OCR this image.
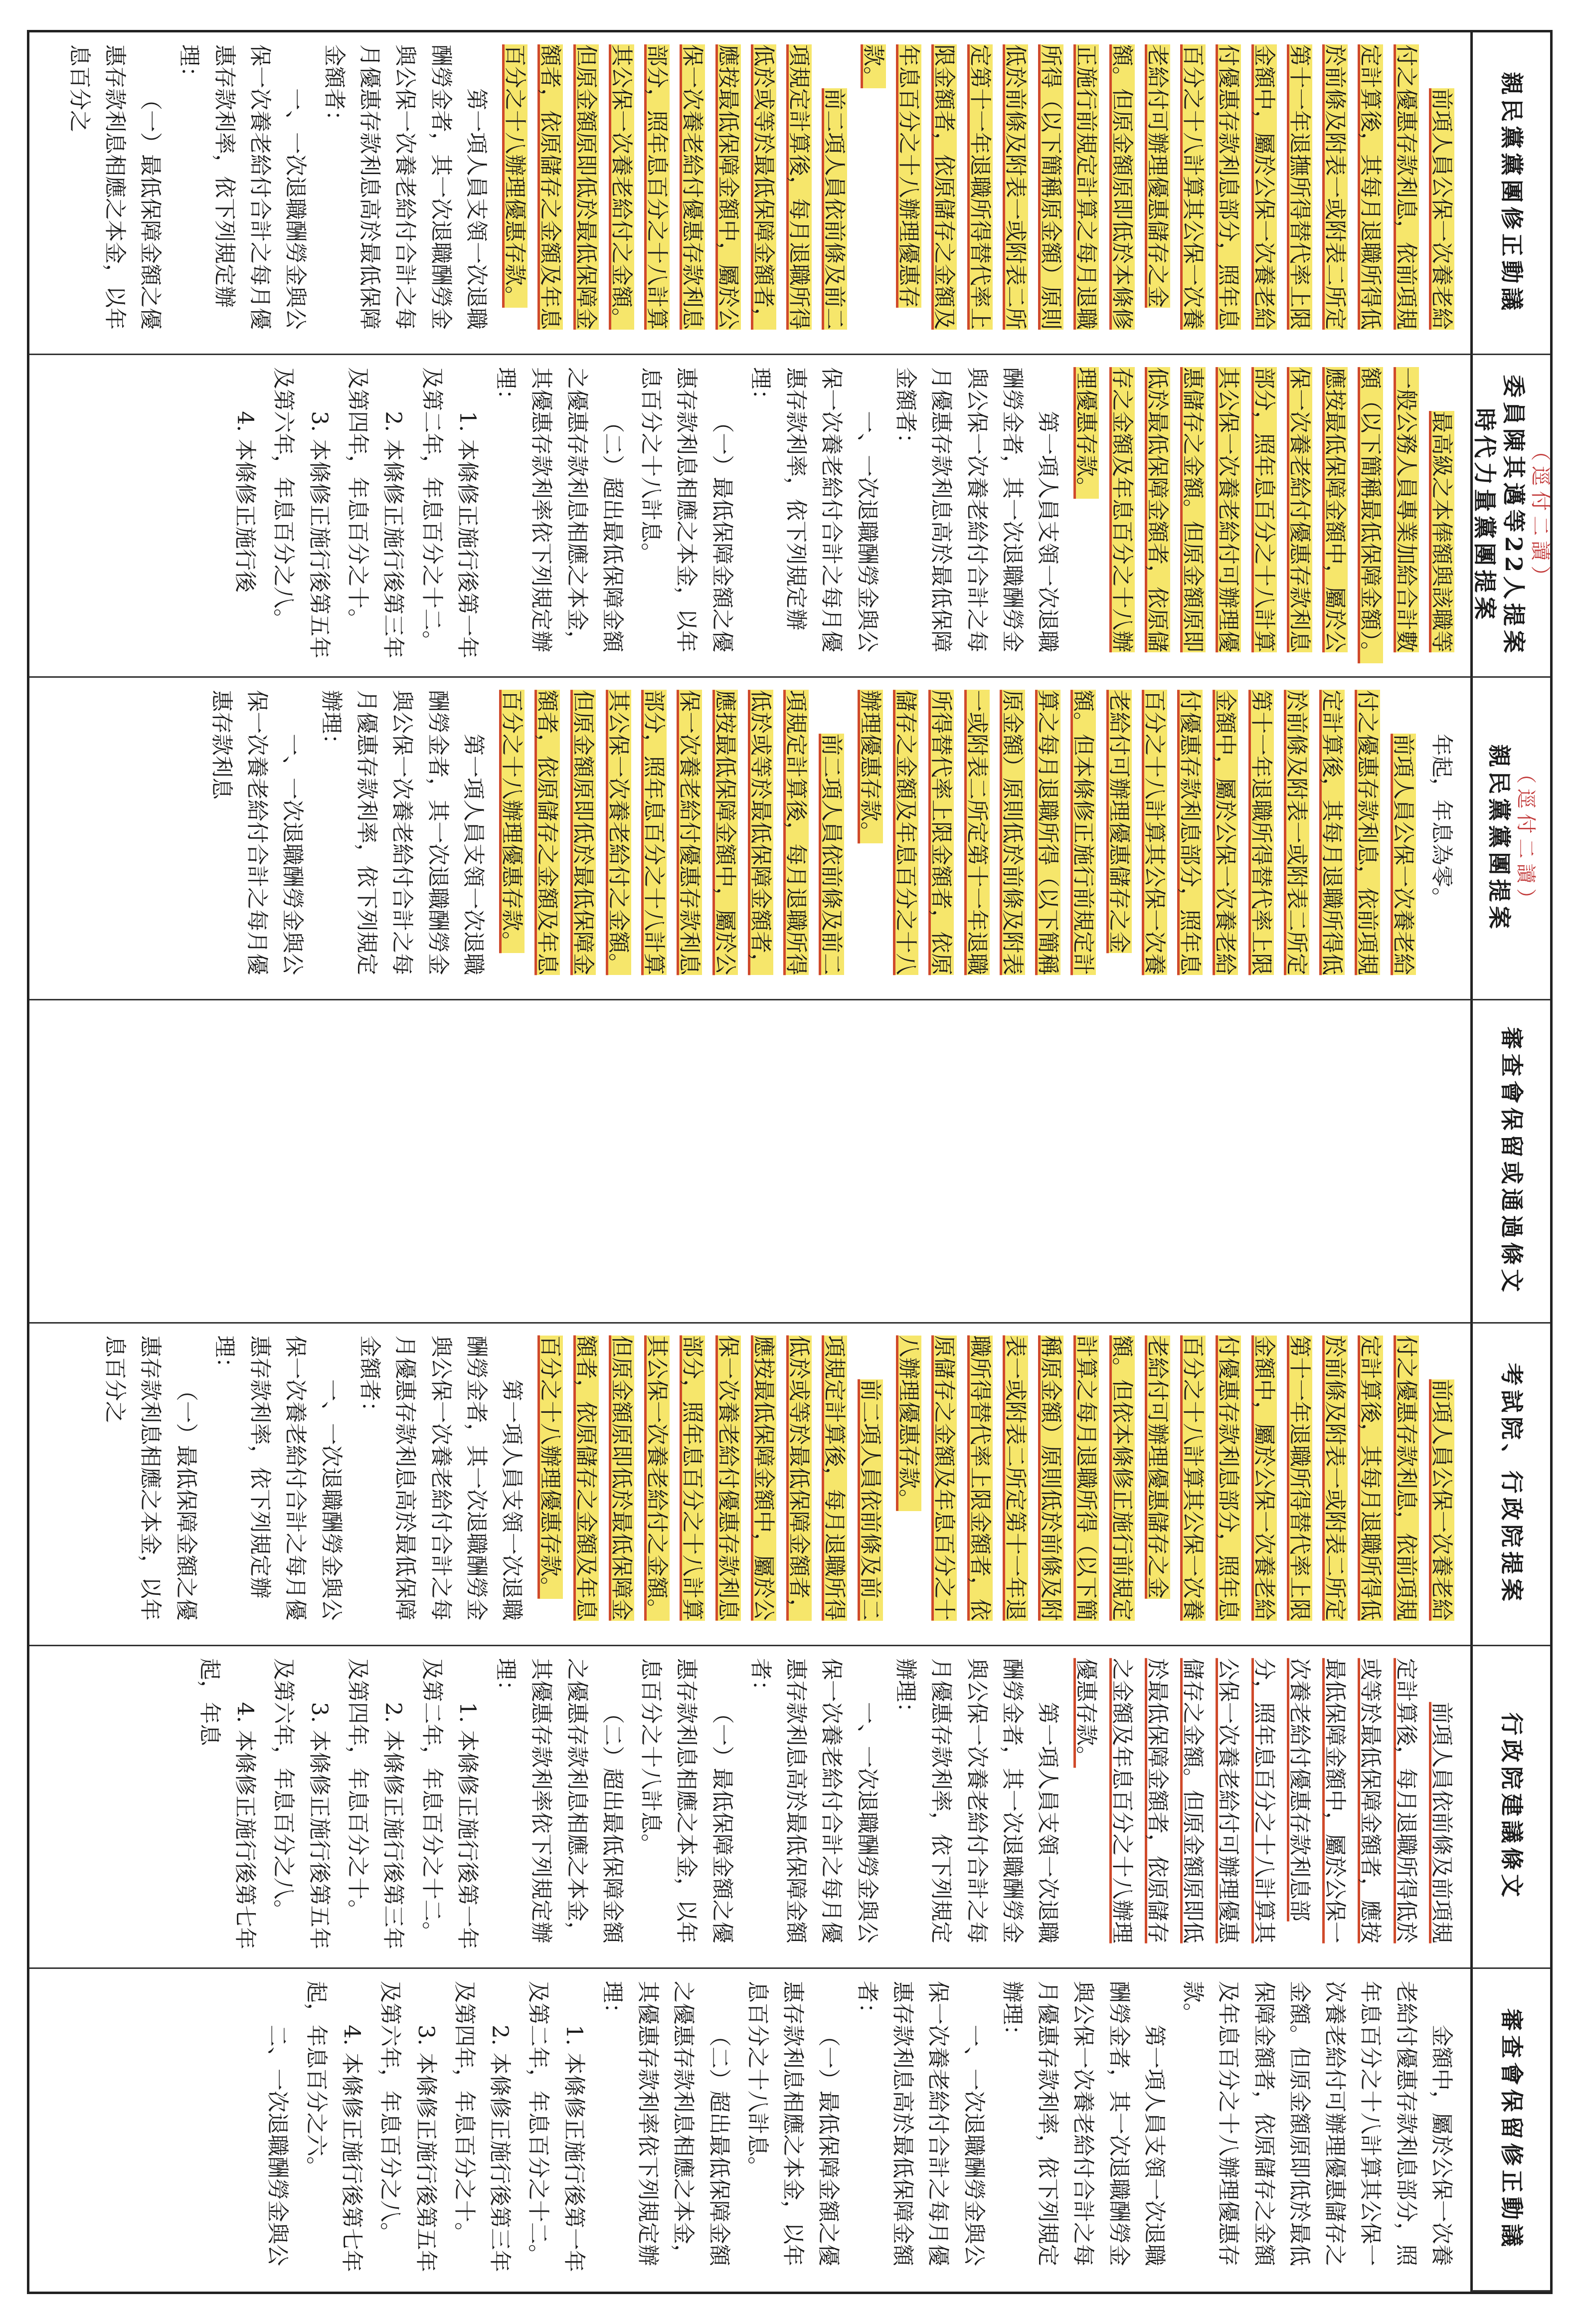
親民黨黨團修正動議
（逕付二讀）
委員陳其邁等22人提案 時代力量黨團提案
（逕付二讀）
親民黨黨團提案
審查會保留或通過條文
考試院、行政院提案
行政院建議條文
審查會保留修正動議

前項人員公保一次養老給付之優惠存款利息，依前項規定計算後，其每月退職所得低於前條及附表一或附表二所定第十一年退撫所得替代率上限金額中，屬於公保一次養老給付優惠存款利息部分，照年息百分之十八計算其公保一次養老給付可辦理優惠儲存之金額。但原金額原即低於本條修正施行前規定計算之每月退職所得（以下簡稱原金額）原則低於前條及附表一或附表二所定第十一年退職所得替代率上限金額者，依原儲存之金額及年息百分之十八辦理優惠存款。

前二項人員依前條及前二項規定計算後，每月退職所得低於或等於最低保障金額者，應按最低保障金額中，屬於公保一次養老給付優惠存款利息部分，照年息百分之十八計算其公保一次養老給付之金額。但原金額原即低於最低保障金額者，依原儲存之金額及年息百分之十八辦理優惠存款。

第一項人員支領一次退職酬勞金者，其一次退職酬勞金與公保一次養老給付合計之每月優惠存款利息高於最低保障金額者：

一、一次退職酬勞金與公保一次養老給付合計之每月優惠存款利率，依下列規定辦理：

（一）最低保障金額之優惠存款利息相應之本金，以年息百分之

最高級之本俸額與該職等一般公務人員專業加給合計數額（以下簡稱最低保障金額）。應按最低保障金額中，屬於公保一次養老給付優惠存款利息部分，照年息百分之十八計算其公保一次養老給付可辦理優惠儲存之金額。但原金額原即低於最低保障金額者，依原儲存之金額及年息百分之十八辦理優惠存款。

第一項人員支領一次退職酬勞金者，其一次退職酬勞金與公保一次養老給付合計之每月優惠存款利息高於最低保障金額者：

一、一次退職酬勞金與公保一次養老給付合計之每月優惠存款利率，依下列規定辦理：

（一）最低保障金額之優惠存款利息相應之本金，以年息百分之十八計息。

（二）超出最低保障金額之優惠存款利息相應之本金，其優惠存款利率依下列規定辦理：

1. 本條修正施行後第一年及第二年，年息百分之十二。

2. 本條修正施行後第三年及第四年，年息百分之十。

3. 本條修正施行後第五年及第六年，年息百分之八。

4. 本條修正施行後

年起，年息為零。

前項人員公保一次養老給付之優惠存款利息，依前項規定計算後，其每月退職所得低於前條及附表一或附表二所定第十一年退職所得替代率上限金額中，屬於公保一次養老給付優惠存款利息部分，照年息百分之十八計算其公保一次養老給付可辦理優惠儲存之金額。但本條修正施行前規定計算之每月退職所得（以下簡稱原金額）原則低於前條及附表一或附表二所定第十一年退職所得替代率上限金額者，依原儲存之金額及年息百分之十八辦理優惠存款。

前二項人員依前條及前二項規定計算後，每月退職所得低於或等於最低保障金額者，應按最低保障金額中，屬於公保一次養老給付優惠存款利息部分，照年息百分之十八計算其公保一次養老給付之金額。但原金額原即低於最低保障金額者，依原儲存之金額及年息百分之十八辦理優惠存款。

第一項人員支領一次退職酬勞金者，其一次退職酬勞金與公保一次養老給付合計之每月優惠存款利率，依下列規定辦理：

一、一次退職酬勞金與公保一次養老給付合計之每月優惠存款利息

前項人員公保一次養老給付之優惠存款利息，依前項規定計算後，其每月退職所得低於前條及附表一或附表二所定第十一年退職所得替代率上限金額中，屬於公保一次養老給付優惠存款利息部分，照年息百分之十八計算其公保一次養老給付可辦理優惠儲存之金額。但依本條修正施行前規定計算之每月退職所得（以下簡稱原金額）原則低於前條及附表一或附表二所定第十一年退職所得替代率上限金額者，依原儲存之金額及年息百分之十八辦理優惠存款。

前二項人員依前條及前二項規定計算後，每月退職所得低於或等於最低保障金額者，應按最低保障金額中，屬於公保一次養老給付優惠存款利息部分，照年息百分之十八計算其公保一次養老給付之金額。但原金額原即低於最低保障金額者，依原儲存之金額及年息百分之十八辦理優惠存款。

第一項人員支領一次退職酬勞金者，其一次退職酬勞金與公保一次養老給付合計之每月優惠存款利息高於最低保障金額者：

一、一次退職酬勞金與公保一次養老給付合計之每月優惠存款利率，依下列規定辦理：

（一）最低保障金額之優惠存款利息相應之本金，以年息百分之

前項人員依前條及前項規定計算後，每月退職所得低於或等於最低保障金額者，應按最低保障金額中，屬於公保一次養老給付優惠存款利息部分，照年息百分之十八計算其公保一次養老給付可辦理優惠儲存之金額。但原金額原即低於最低保障金額者，依原儲存之金額及年息百分之十八辦理優惠存款。

第一項人員支領一次退職酬勞金者，其一次退職酬勞金與公保一次養老給付合計之每月優惠存款利率，依下列規定辦理：

一、一次退職酬勞金與公保一次養老給付合計之每月優惠存款利息高於最低保障金額者：

（一）最低保障金額之優惠存款利息相應之本金，以年息百分之十八計息。

（二）超出最低保障金額之優惠存款利息相應之本金，其優惠存款利率依下列規定辦理：

1. 本條修正施行後第一年及第二年，年息百分之十二。

2. 本條修正施行後第三年及第四年，年息百分之十。

3. 本條修正施行後第五年及第六年，年息百分之八。

4. 本條修正施行後第七年起，年息

金額中，屬於公保一次養老給付優惠存款利息部分，照年息百分之十八計算其公保一次養老給付可辦理優惠儲存之金額。但原金額原即低於最低保障金額者，依原儲存之金額及年息百分之十八辦理優惠存款。

第一項人員支領一次退職酬勞金者，其一次退職酬勞金與公保一次養老給付合計之每月優惠存款利率，依下列規定辦理：

一、一次退職酬勞金與公保一次養老給付合計之每月優惠存款利息高於最低保障金額者：

（一）最低保障金額之優惠存款利息相應之本金，以年息百分之十八計息。

（二）超出最低保障金額之優惠存款利息相應之本金，其優惠存款利率依下列規定辦理：

1. 本條修正施行後第一年及第二年，年息百分之十二。

2. 本條修正施行後第三年及第四年，年息百分之十。

3. 本條修正施行後第五年及第六年，年息百分之八。

4. 本條修正施行後第七年起，年息百分之六。

二、一次退職酬勞金與公
